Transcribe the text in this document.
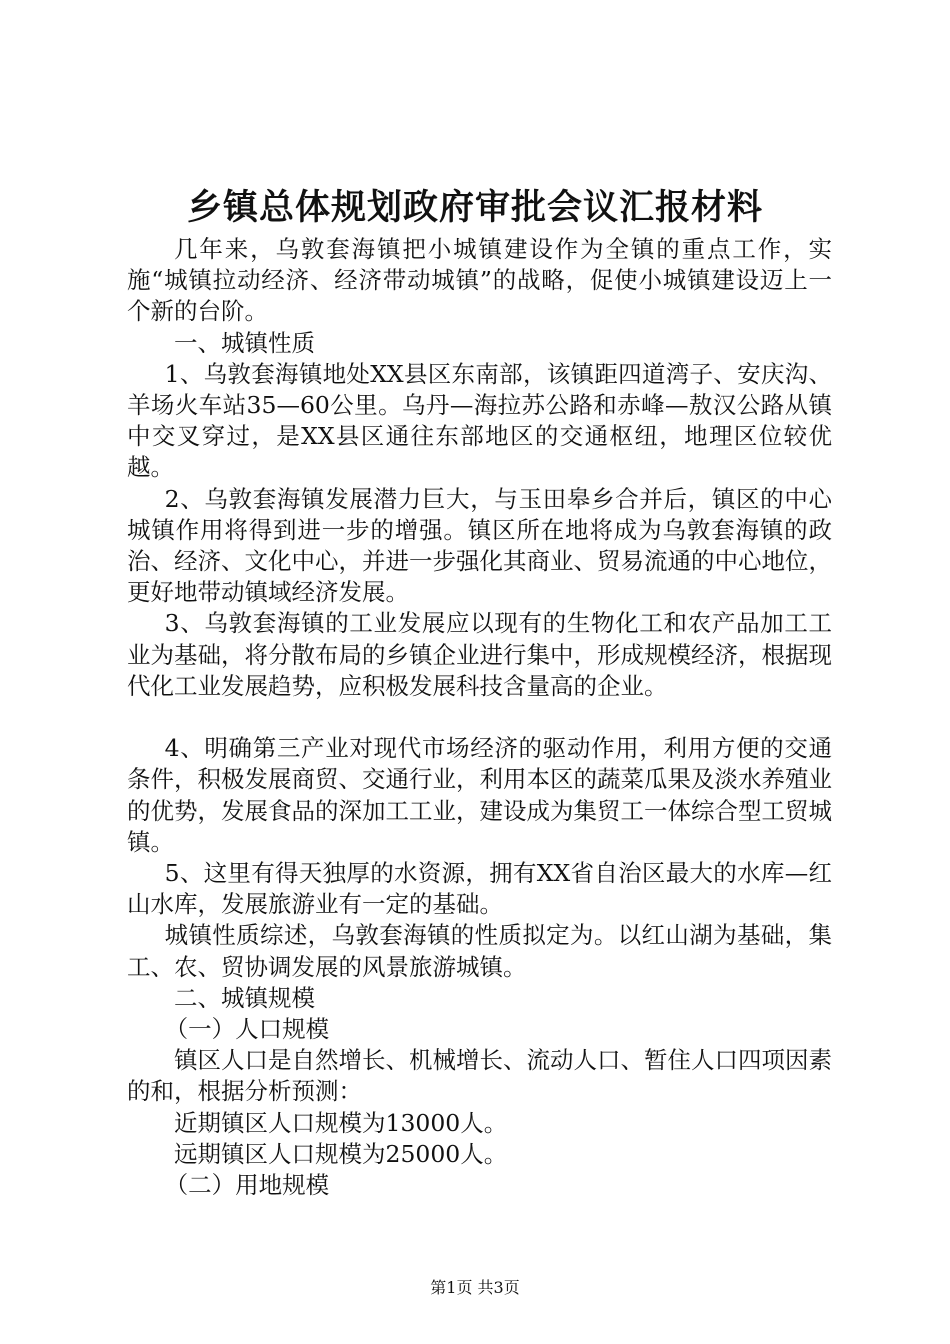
乡镇总体规划政府审批会议汇报材料

几年来，乌敦套海镇把小城镇建设作为全镇的重点工作，实施“城镇拉动经济、经济带动城镇”的战略，促使小城镇建设迈上一个新的台阶。

一、城镇性质

1、乌敦套海镇地处XX县区东南部，该镇距四道湾子、安庆沟、羊场火车站35—60公里。乌丹—海拉苏公路和赤峰—敖汉公路从镇中交叉穿过，是XX县区通往东部地区的交通枢纽，地理区位较优越。

2、乌敦套海镇发展潜力巨大，与玉田皋乡合并后，镇区的中心城镇作用将得到进一步的增强。镇区所在地将成为乌敦套海镇的政治、经济、文化中心，并进一步强化其商业、贸易流通的中心地位，更好地带动镇域经济发展。

3、乌敦套海镇的工业发展应以现有的生物化工和农产品加工工业为基础，将分散布局的乡镇企业进行集中，形成规模经济，根据现代化工业发展趋势，应积极发展科技含量高的企业。

4、明确第三产业对现代市场经济的驱动作用，利用方便的交通条件，积极发展商贸、交通行业，利用本区的蔬菜瓜果及淡水养殖业的优势，发展食品的深加工工业，建设成为集贸工一体综合型工贸城镇。

5、这里有得天独厚的水资源，拥有XX省自治区最大的水库—红山水库，发展旅游业有一定的基础。

城镇性质综述，乌敦套海镇的性质拟定为。以红山湖为基础，集工、农、贸协调发展的风景旅游城镇。

二、城镇规模

（一）人口规模

镇区人口是自然增长、机械增长、流动人口、暂住人口四项因素的和，根据分析预测：

近期镇区人口规模为13000人。

远期镇区人口规模为25000人。

（二）用地规模

第1页 共3页
